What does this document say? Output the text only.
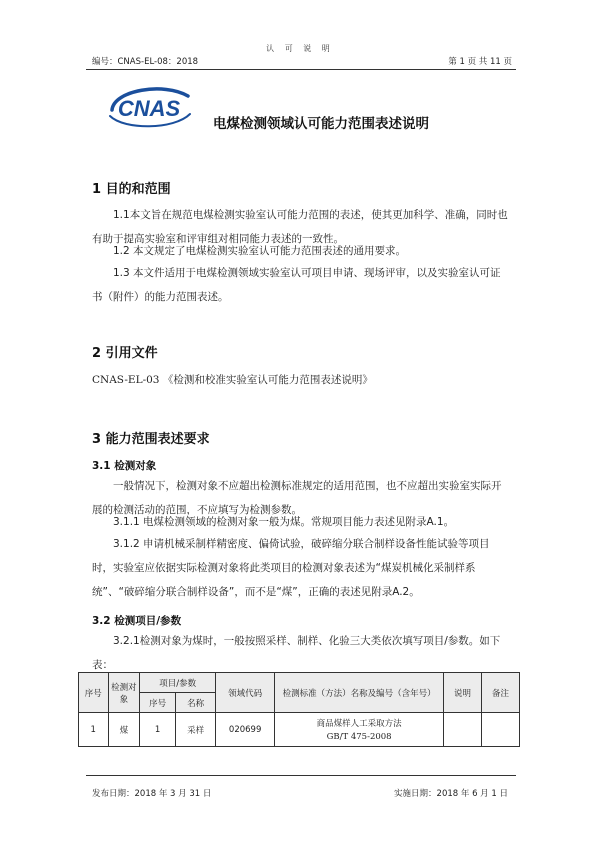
认 可 说 明
编号：CNAS-EL-08：2018	第 1 页 共 11 页
CNAS
电煤检测领域认可能力范围表述说明
1 目的和范围
1.1本文旨在规范电煤检测实验室认可能力范围的表述，使其更加科学、准确，同时也有助于提高实验室和评审组对相同能力表述的一致性。
1.2 本文规定了电煤检测实验室认可能力范围表述的通用要求。
1.3 本文件适用于电煤检测领域实验室认可项目申请、现场评审，以及实验室认可证书（附件）的能力范围表述。
2 引用文件
CNAS-EL-03 《检测和校准实验室认可能力范围表述说明》
3 能力范围表述要求
3.1 检测对象
一般情况下，检测对象不应超出检测标准规定的适用范围，也不应超出实验室实际开展的检测活动的范围，不应填写为检测参数。
3.1.1 电煤检测领域的检测对象一般为煤。常规项目能力表述见附录A.1。
3.1.2 申请机械采制样精密度、偏倚试验，破碎缩分联合制样设备性能试验等项目时，实验室应依据实际检测对象将此类项目的检测对象表述为“煤炭机械化采制样系统”、“破碎缩分联合制样设备”，而不是“煤”，正确的表述见附录A.2。
3.2 检测项目/参数
3.2.1检测对象为煤时，一般按照采样、制样、化验三大类依次填写项目/参数。如下表：
序号	检测对象	项目/参数		领域代码	检测标准（方法）名称及编号（含年号）	说明	备注
		序号	名称				
1	煤	1	采样	020699	商品煤样人工采取方法
GB/T 475-2008		

发布日期：2018 年 3 月 31 日	实施日期：2018 年 6 月 1 日
